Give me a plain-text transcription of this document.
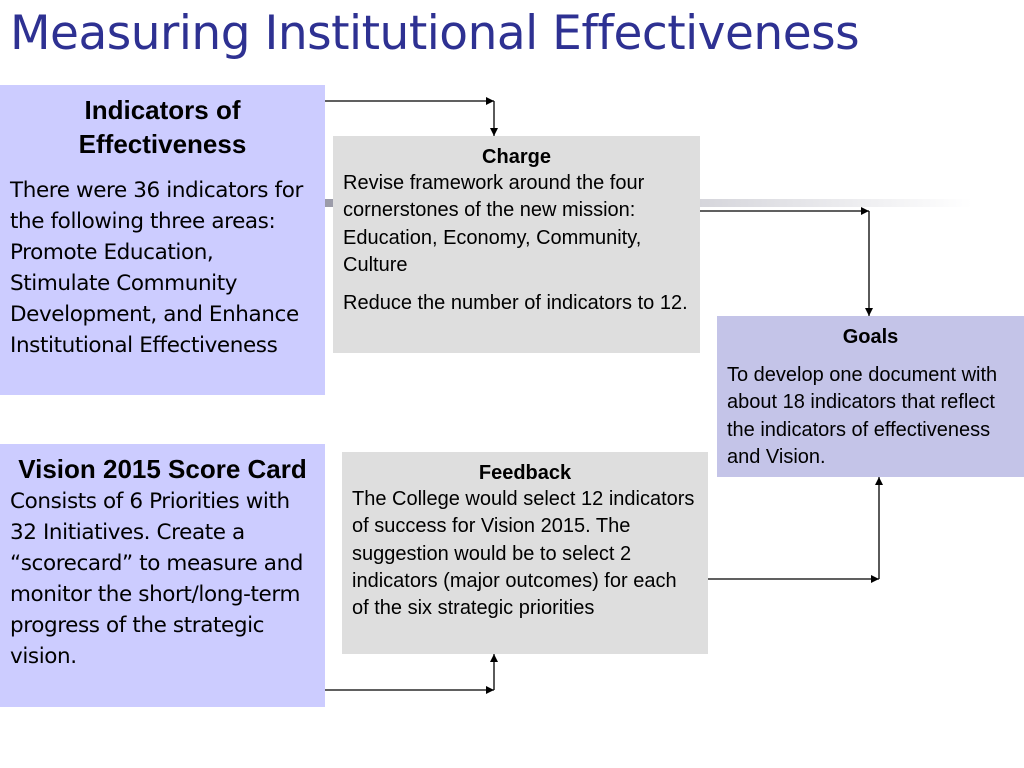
Measuring Institutional Effectiveness
Indicators of Effectiveness
There were 36 indicators for the following three areas: Promote Education, Stimulate Community Development, and Enhance Institutional Effectiveness
Vision 2015 Score Card
Consists of 6 Priorities with 32 Initiatives. Create a “scorecard” to measure and monitor the short/long-term progress of the strategic vision.
Charge
Revise framework around the four cornerstones of the new mission: Education, Economy, Community, Culture
Reduce the number of indicators to 12.
Feedback
The College would select 12 indicators of success for Vision 2015. The suggestion would be to select 2 indicators (major outcomes) for each of the six strategic priorities
Goals
To develop one document with about 18 indicators that reflect the indicators of effectiveness and Vision.
